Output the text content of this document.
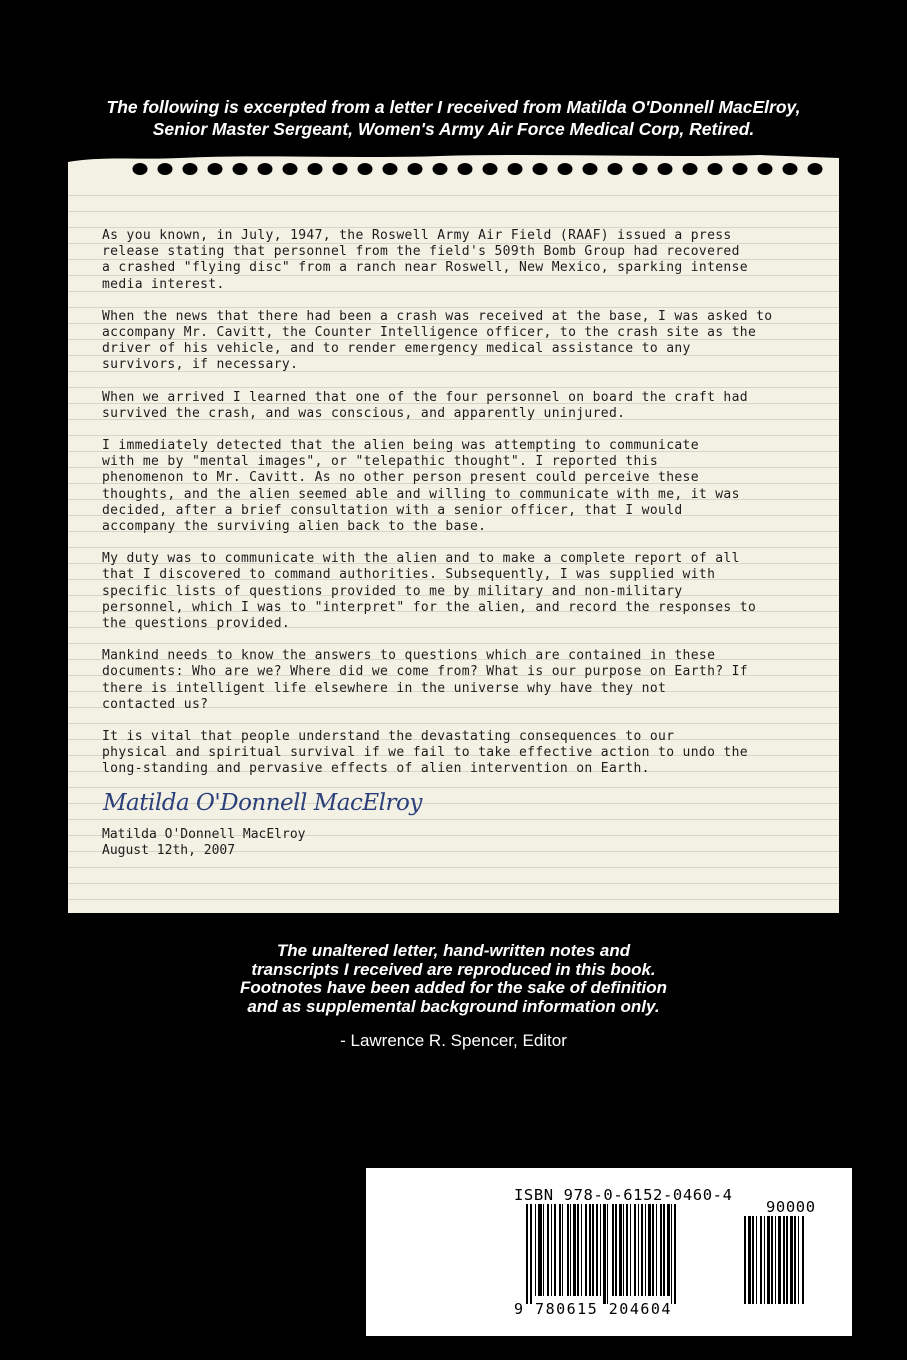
The following is excerpted from a letter I received from Matilda O'Donnell MacElroy,
Senior Master Sergeant, Women's Army Air Force Medical Corp, Retired.

As you known, in July, 1947, the Roswell Army Air Field (RAAF) issued a press
release stating that personnel from the field's 509th Bomb Group had recovered
a crashed "flying disc" from a ranch near Roswell, New Mexico, sparking intense
media interest.

When the news that there had been a crash was received at the base, I was asked to
accompany Mr. Cavitt, the Counter Intelligence officer, to the crash site as the
driver of his vehicle, and to render emergency medical assistance to any
survivors, if necessary.

When we arrived I learned that one of the four personnel on board the craft had
survived the crash, and was conscious, and apparently uninjured.

I immediately detected that the alien being was attempting to communicate
with me by "mental images", or "telepathic thought". I reported this
phenomenon to Mr. Cavitt. As no other person present could perceive these
thoughts, and the alien seemed able and willing to communicate with me, it was
decided, after a brief consultation with a senior officer, that I would
accompany the surviving alien back to the base.

My duty was to communicate with the alien and to make a complete report of all
that I discovered to command authorities. Subsequently, I was supplied with
specific lists of questions provided to me by military and non-military
personnel, which I was to "interpret" for the alien, and record the responses to
the questions provided.

Mankind needs to know the answers to questions which are contained in these
documents: Who are we? Where did we come from? What is our purpose on Earth? If
there is intelligent life elsewhere in the universe why have they not
contacted us?

It is vital that people understand the devastating consequences to our
physical and spiritual survival if we fail to take effective action to undo the
long-standing and pervasive effects of alien intervention on Earth.

Matilda O'Donnell MacElroy
Matilda O'Donnell MacElroy
August 12th, 2007
The unaltered letter, hand-written notes and
transcripts I received are reproduced in this book.
Footnotes have been added for the sake of definition
and as supplemental background information only.
- Lawrence R. Spencer, Editor
ISBN 978-0-6152-0460-4
90000
9 780615 204604
